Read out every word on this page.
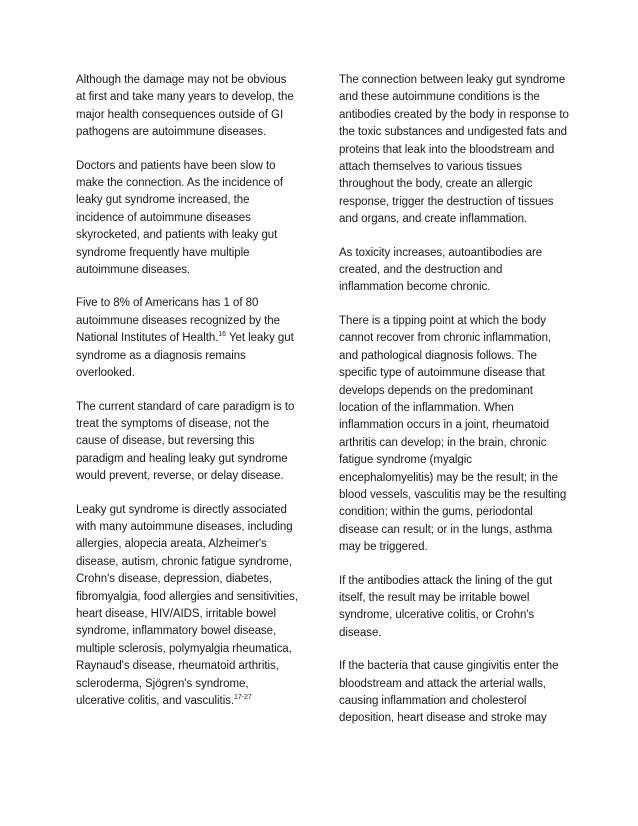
Although the damage may not be obvious at first and take many years to develop, the major health consequences outside of GI pathogens are autoimmune diseases.

Doctors and patients have been slow to make the connection. As the incidence of leaky gut syndrome increased, the incidence of autoimmune diseases skyrocketed, and patients with leaky gut syndrome frequently have multiple autoimmune diseases.

Five to 8% of Americans has 1 of 80 autoimmune diseases recognized by the National Institutes of Health.$^{16}$ Yet leaky gut syndrome as a diagnosis remains overlooked.

The current standard of care paradigm is to treat the symptoms of disease, not the cause of disease, but reversing this paradigm and healing leaky gut syndrome would prevent, reverse, or delay disease.

Leaky gut syndrome is directly associated with many autoimmune diseases, including allergies, alopecia areata, Alzheimer's disease, autism, chronic fatigue syndrome, Crohn's disease, depression, diabetes, fibromyalgia, food allergies and sensitivities, heart disease, HIV/AIDS, irritable bowel syndrome, inflammatory bowel disease, multiple sclerosis, polymyalgia rheumatica, Raynaud's disease, rheumatoid arthritis, scleroderma, Sjögren's syndrome, ulcerative colitis, and vasculitis.$^{17-27}$

The connection between leaky gut syndrome and these autoimmune conditions is the antibodies created by the body in response to the toxic substances and undigested fats and proteins that leak into the bloodstream and attach themselves to various tissues throughout the body, create an allergic response, trigger the destruction of tissues and organs, and create inflammation.

As toxicity increases, autoantibodies are created, and the destruction and inflammation become chronic.

There is a tipping point at which the body cannot recover from chronic inflammation, and pathological diagnosis follows. The specific type of autoimmune disease that develops depends on the predominant location of the inflammation. When inflammation occurs in a joint, rheumatoid arthritis can develop; in the brain, chronic fatigue syndrome (myalgic encephalomyelitis) may be the result; in the blood vessels, vasculitis may be the resulting condition; within the gums, periodontal disease can result; or in the lungs, asthma may be triggered.

If the antibodies attack the lining of the gut itself, the result may be irritable bowel syndrome, ulcerative colitis, or Crohn's disease.

If the bacteria that cause gingivitis enter the bloodstream and attack the arterial walls, causing inflammation and cholesterol deposition, heart disease and stroke may
